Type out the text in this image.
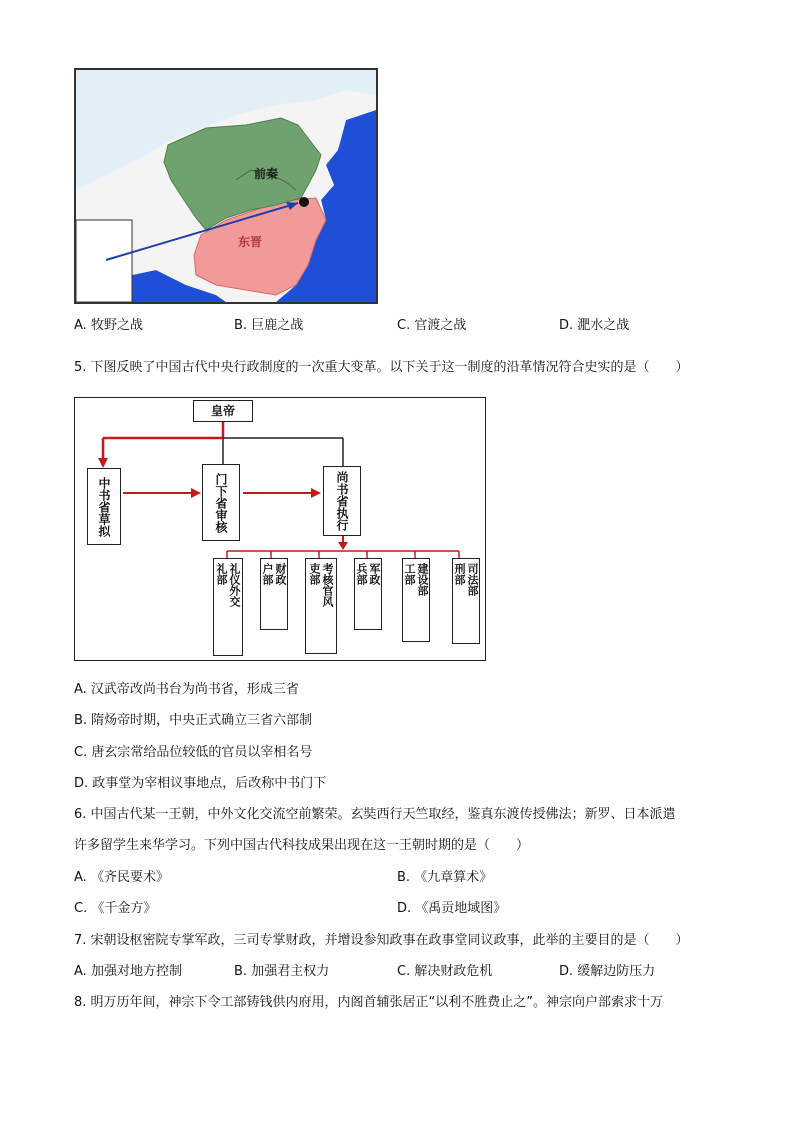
前秦
东晋
A. 牧野之战	B. 巨鹿之战	C. 官渡之战	D. 淝水之战
5. 下图反映了中国古代中央行政制度的一次重大变革。以下关于这一制度的沿革情况符合史实的是（　　）
皇帝
中书省草拟	门下省审核	尚书省执行
礼部 礼仪外交 户部 财政 吏部 考核官风 兵部 军政 工部 建设部 刑部 司法部
A. 汉武帝改尚书台为尚书省，形成三省
B. 隋炀帝时期，中央正式确立三省六部制
C. 唐玄宗常给品位较低的官员以宰相名号
D. 政事堂为宰相议事地点，后改称中书门下
6. 中国古代某一王朝，中外文化交流空前繁荣。玄奘西行天竺取经，鉴真东渡传授佛法；新罗、日本派遣
许多留学生来华学习。下列中国古代科技成果出现在这一王朝时期的是（　　）
A. 《齐民要术》	B. 《九章算术》
C. 《千金方》	D. 《禹贡地域图》
7. 宋朝设枢密院专掌军政，三司专掌财政，并增设参知政事在政事堂同议政事，此举的主要目的是（　　）
A. 加强对地方控制	B. 加强君主权力	C. 解决财政危机	D. 缓解边防压力
8. 明万历年间，神宗下令工部铸钱供内府用，内阁首辅张居正“以利不胜费止之”。神宗向户部索求十万
